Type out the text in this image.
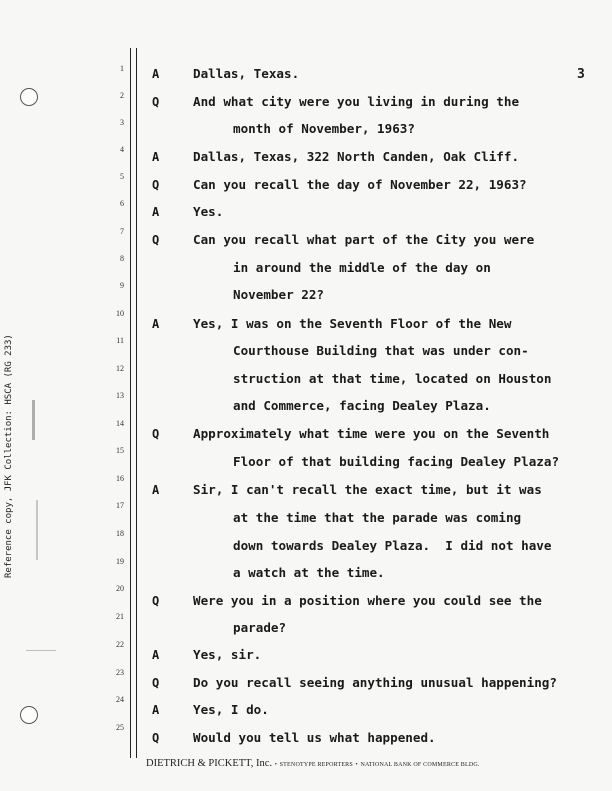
Reference copy, JFK Collection: HSCA (RG 233)
3
1
2
3
4
5
6
7
8
9
10
11
12
13
14
15
16
17
18
19
20
21
22
23
24
25
A
Q
A
Q
A
Q
A
Q
A
Q
A
Q
A
Q
Dallas, Texas.
And what city were you living in during the
month of November, 1963?
Dallas, Texas, 322 North Canden, Oak Cliff.
Can you recall the day of November 22, 1963?
Yes.
Can you recall what part of the City you were
in around the middle of the day on
November 22?
Yes, I was on the Seventh Floor of the New
Courthouse Building that was under con-
struction at that time, located on Houston
and Commerce, facing Dealey Plaza.
Approximately what time were you on the Seventh
Floor of that building facing Dealey Plaza?
Sir, I can't recall the exact time, but it was
at the time that the parade was coming
down towards Dealey Plaza.  I did not have
a watch at the time.
Were you in a position where you could see the
parade?
Yes, sir.
Do you recall seeing anything unusual happening?
Yes, I do.
Would you tell us what happened.
DIETRICH & PICKETT, Inc. • STENOTYPE REPORTERS • NATIONAL BANK OF COMMERCE BLDG.
